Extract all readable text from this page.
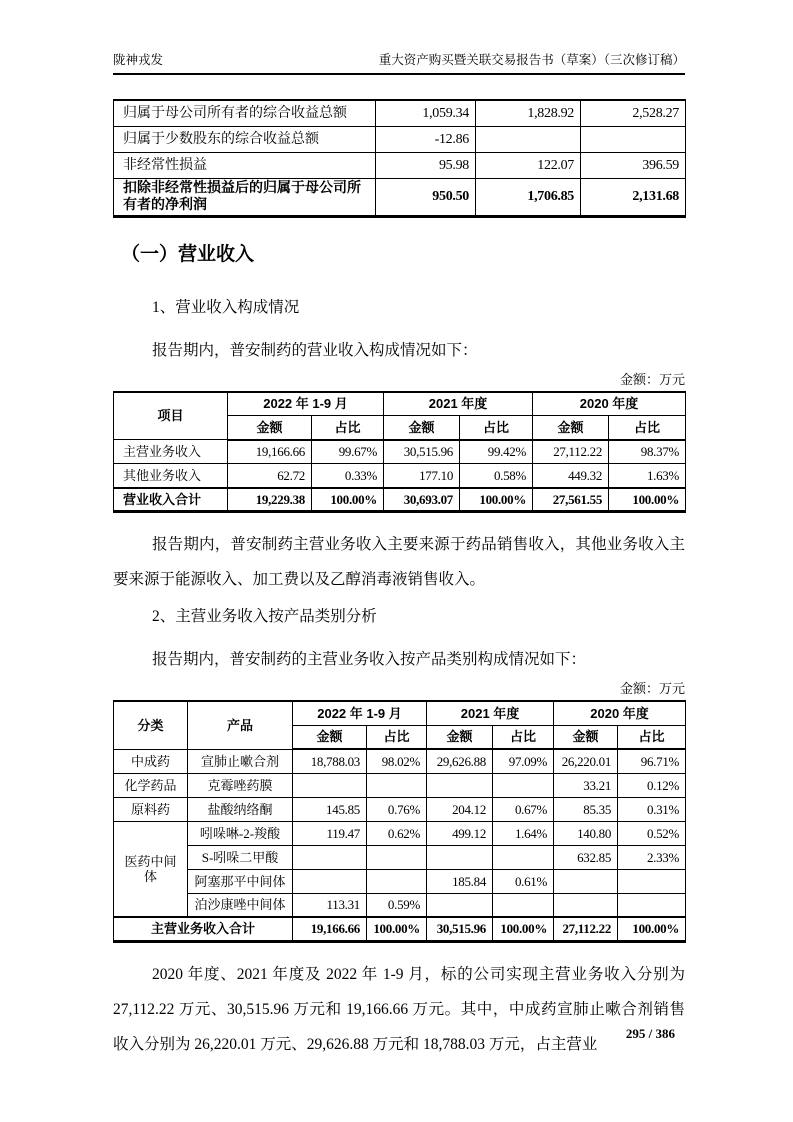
陇神戎发	重大资产购买暨关联交易报告书（草案）（三次修订稿）
归属于母公司所有者的综合收益总额	1,059.34	1,828.92	2,528.27
归属于少数股东的综合收益总额	-12.86		
非经常性损益	95.98	122.07	396.59
扣除非经常性损益后的归属于母公司所有者的净利润	950.50	1,706.85	2,131.68
（一）营业收入
1、营业收入构成情况
报告期内，普安制药的营业收入构成情况如下：
金额：万元
项目	2022 年 1-9 月		2021 年度		2020 年度	
	金额	占比	金额	占比	金额	占比
主营业务收入	19,166.66	99.67%	30,515.96	99.42%	27,112.22	98.37%
其他业务收入	62.72	0.33%	177.10	0.58%	449.32	1.63%
营业收入合计	19,229.38	100.00%	30,693.07	100.00%	27,561.55	100.00%
报告期内，普安制药主营业务收入主要来源于药品销售收入，其他业务收入主要来源于能源收入、加工费以及乙醇消毒液销售收入。
2、主营业务收入按产品类别分析
报告期内，普安制药的主营业务收入按产品类别构成情况如下：
金额：万元
分类	产品	2022 年 1-9 月		2021 年度		2020 年度	
		金额	占比	金额	占比	金额	占比
中成药	宣肺止嗽合剂	18,788.03	98.02%	29,626.88	97.09%	26,220.01	96.71%
化学药品	克霉唑药膜					33.21	0.12%
原料药	盐酸纳络酮	145.85	0.76%	204.12	0.67%	85.35	0.31%
医药中间体	吲哚啉-2-羧酸	119.47	0.62%	499.12	1.64%	140.80	0.52%
	S-吲哚二甲酸					632.85	2.33%
	阿塞那平中间体			185.84	0.61%		
	泊沙康唑中间体	113.31	0.59%				
主营业务收入合计		19,166.66	100.00%	30,515.96	100.00%	27,112.22	100.00%
2020 年度、2021 年度及 2022 年 1-9 月，标的公司实现主营业务收入分别为 27,112.22 万元、30,515.96 万元和 19,166.66 万元。其中，中成药宣肺止嗽合剂销售收入分别为 26,220.01 万元、29,626.88 万元和 18,788.03 万元，占主营业
295 / 386
